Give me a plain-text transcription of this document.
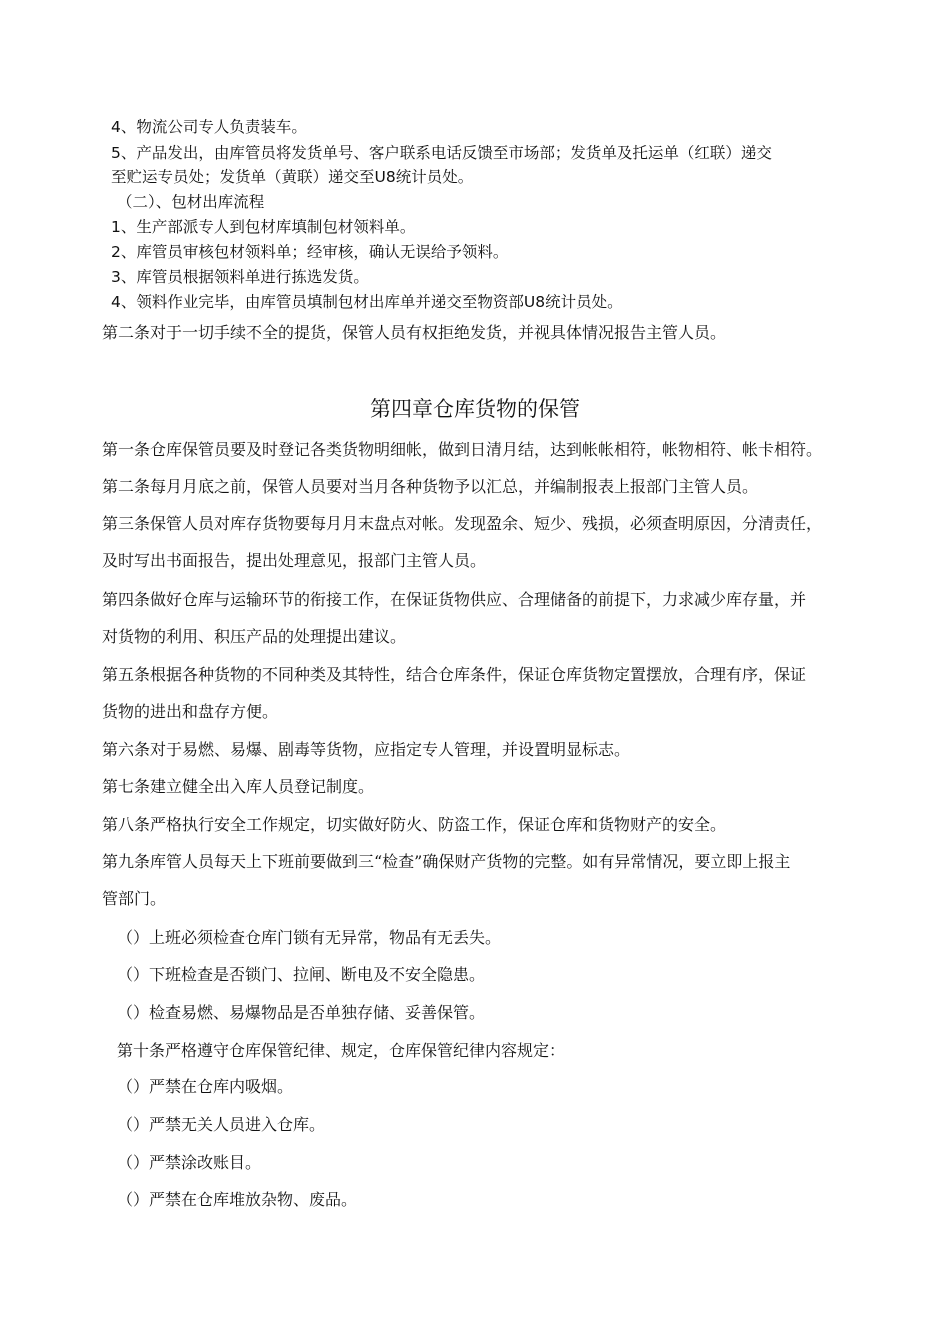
4、物流公司专人负责装车。
5、产品发出，由库管员将发货单号、客户联系电话反馈至市场部；发货单及托运单（红联）递交
至贮运专员处；发货单（黄联）递交至U8统计员处。
（二）、包材出库流程
1、生产部派专人到包材库填制包材领料单。
2、库管员审核包材领料单；经审核，确认无误给予领料。
3、库管员根据领料单进行拣选发货。
4、领料作业完毕，由库管员填制包材出库单并递交至物资部U8统计员处。
第二条对于一切手续不全的提货，保管人员有权拒绝发货，并视具体情况报告主管人员。
第四章仓库货物的保管
第一条仓库保管员要及时登记各类货物明细帐，做到日清月结，达到帐帐相符，帐物相符、帐卡相符。
第二条每月月底之前，保管人员要对当月各种货物予以汇总，并编制报表上报部门主管人员。
第三条保管人员对库存货物要每月月末盘点对帐。发现盈余、短少、残损，必须查明原因，分清责任，
及时写出书面报告，提出处理意见，报部门主管人员。
第四条做好仓库与运输环节的衔接工作，在保证货物供应、合理储备的前提下，力求减少库存量，并
对货物的利用、积压产品的处理提出建议。
第五条根据各种货物的不同种类及其特性，结合仓库条件，保证仓库货物定置摆放，合理有序，保证
货物的进出和盘存方便。
第六条对于易燃、易爆、剧毒等货物，应指定专人管理，并设置明显标志。
第七条建立健全出入库人员登记制度。
第八条严格执行安全工作规定，切实做好防火、防盗工作，保证仓库和货物财产的安全。
第九条库管人员每天上下班前要做到三“检查”确保财产货物的完整。如有异常情况，要立即上报主
管部门。
（）上班必须检查仓库门锁有无异常，物品有无丢失。
（）下班检查是否锁门、拉闸、断电及不安全隐患。
（）检查易燃、易爆物品是否单独存储、妥善保管。
第十条严格遵守仓库保管纪律、规定，仓库保管纪律内容规定：
（）严禁在仓库内吸烟。
（）严禁无关人员进入仓库。
（）严禁涂改账目。
（）严禁在仓库堆放杂物、废品。
